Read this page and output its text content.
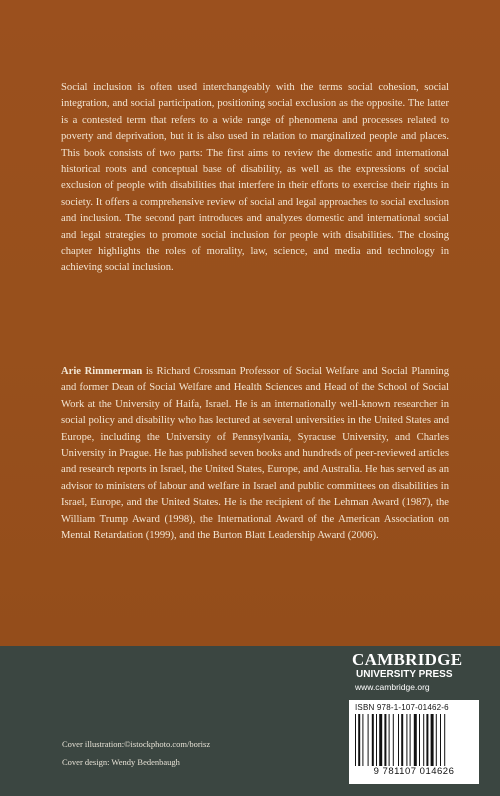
Social inclusion is often used interchangeably with the terms social cohesion, social integration, and social participation, positioning social exclusion as the opposite. The latter is a contested term that refers to a wide range of phenomena and processes related to poverty and deprivation, but it is also used in relation to marginalized people and places. This book consists of two parts: The first aims to review the domestic and international historical roots and conceptual base of disability, as well as the expressions of social exclusion of people with disabilities that interfere in their efforts to exercise their rights in society. It offers a comprehensive review of social and legal approaches to social exclusion and inclusion. The second part introduces and analyzes domestic and international social and legal strategies to promote social inclusion for people with disabilities. The closing chapter highlights the roles of morality, law, science, and media and technology in achieving social inclusion.

Arie Rimmerman is Richard Crossman Professor of Social Welfare and Social Planning and former Dean of Social Welfare and Health Sciences and Head of the School of Social Work at the University of Haifa, Israel. He is an internationally well-known researcher in social policy and disability who has lectured at several universities in the United States and Europe, including the University of Pennsylvania, Syracuse University, and Charles University in Prague. He has published seven books and hundreds of peer-reviewed articles and research reports in Israel, the United States, Europe, and Australia. He has served as an advisor to ministers of labour and welfare in Israel and public committees on disabilities in Israel, Europe, and the United States. He is the recipient of the Lehman Award (1987), the William Trump Award (1998), the International Award of the American Association on Mental Retardation (1999), and the Burton Blatt Leadership Award (2006).

CAMBRIDGE
UNIVERSITY PRESS
www.cambridge.org
ISBN 978-1-107-01462-6
9 781107 014626
Cover illustration:©istockphoto.com/borisz
Cover design: Wendy Bedenbaugh
